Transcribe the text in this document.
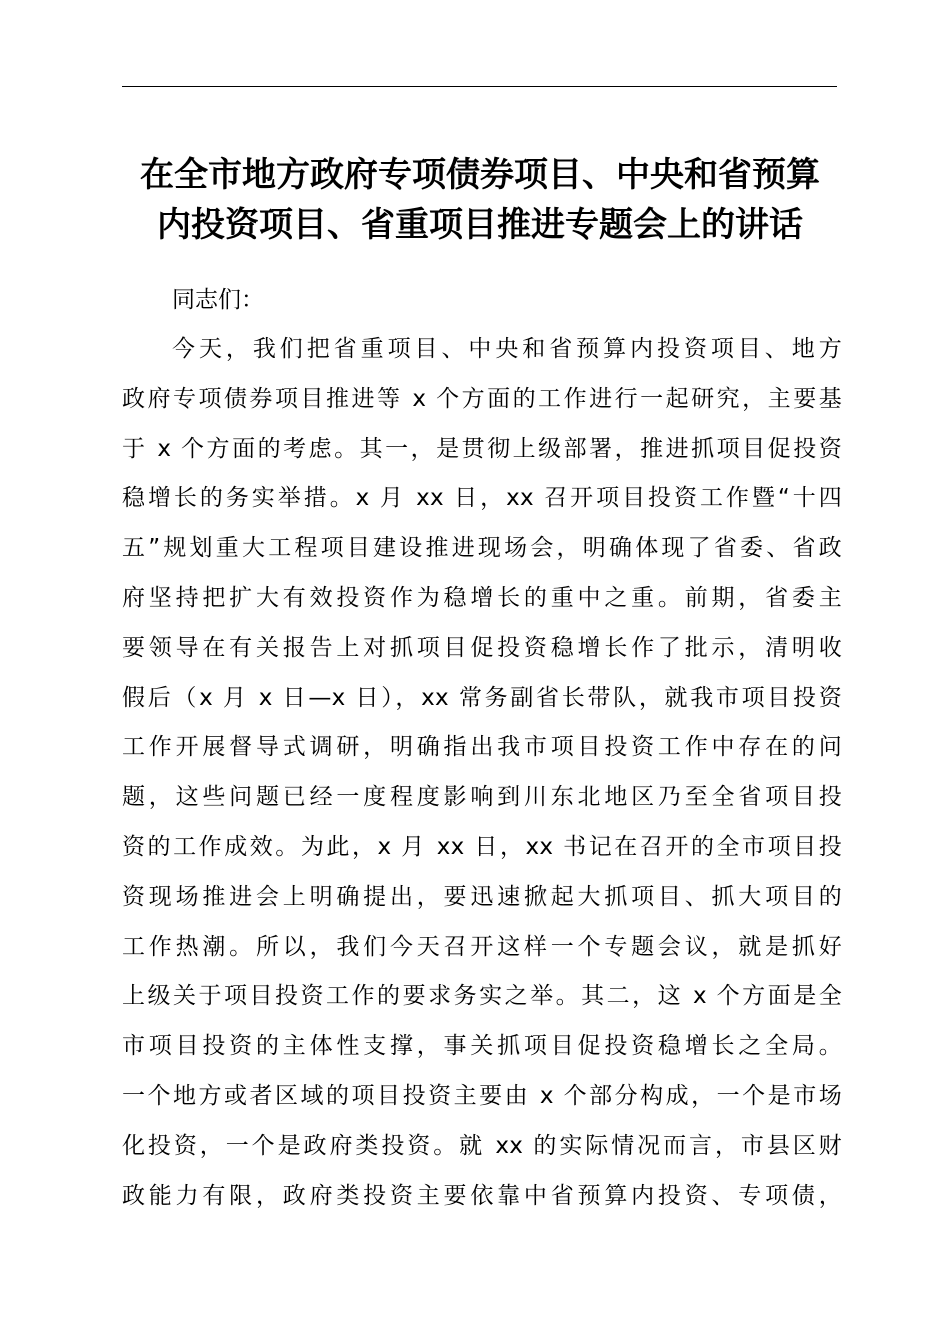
在全市地方政府专项债券项目、中央和省预算
内投资项目、省重项目推进专题会上的讲话
同志们：
今天，我们把省重项目、中央和省预算内投资项目、地方
政府专项债券项目推进等 x 个方面的工作进行一起研究，主要基
于 x 个方面的考虑。其一，是贯彻上级部署，推进抓项目促投资
稳增长的务实举措。x 月 xx 日，xx 召开项目投资工作暨“十四
五”规划重大工程项目建设推进现场会，明确体现了省委、省政
府坚持把扩大有效投资作为稳增长的重中之重。前期，省委主
要领导在有关报告上对抓项目促投资稳增长作了批示，清明收
假后（x 月 x 日—x 日），xx 常务副省长带队，就我市项目投资
工作开展督导式调研，明确指出我市项目投资工作中存在的问
题，这些问题已经一度程度影响到川东北地区乃至全省项目投
资的工作成效。为此，x 月 xx 日，xx 书记在召开的全市项目投
资现场推进会上明确提出，要迅速掀起大抓项目、抓大项目的
工作热潮。所以，我们今天召开这样一个专题会议，就是抓好
上级关于项目投资工作的要求务实之举。其二，这 x 个方面是全
市项目投资的主体性支撑，事关抓项目促投资稳增长之全局。
一个地方或者区域的项目投资主要由 x 个部分构成，一个是市场
化投资，一个是政府类投资。就 xx 的实际情况而言，市县区财
政能力有限，政府类投资主要依靠中省预算内投资、专项债，
